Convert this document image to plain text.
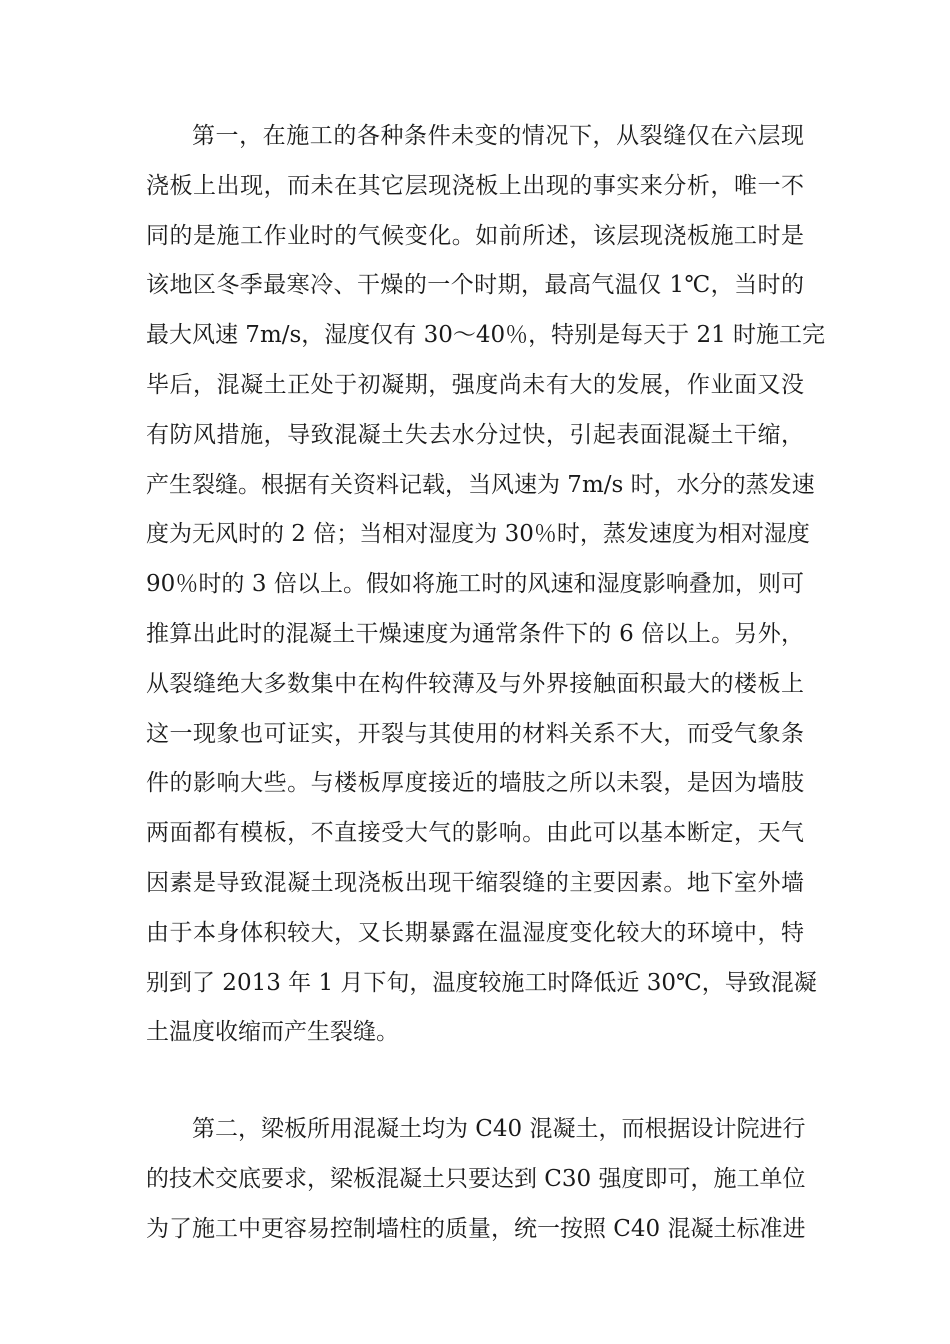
第一，在施工的各种条件未变的情况下，从裂缝仅在六层现
浇板上出现，而未在其它层现浇板上出现的事实来分析，唯一不
同的是施工作业时的气候变化。如前所述，该层现浇板施工时是
该地区冬季最寒冷、干燥的一个时期，最高气温仅 1℃，当时的
最大风速 7m/s，湿度仅有 30～40％，特别是每天于 21 时施工完
毕后，混凝土正处于初凝期，强度尚未有大的发展，作业面又没
有防风措施，导致混凝土失去水分过快，引起表面混凝土干缩，
产生裂缝。根据有关资料记载，当风速为 7m/s 时，水分的蒸发速
度为无风时的 2 倍；当相对湿度为 30％时，蒸发速度为相对湿度
90％时的 3 倍以上。假如将施工时的风速和湿度影响叠加，则可
推算出此时的混凝土干燥速度为通常条件下的 6 倍以上。另外，
从裂缝绝大多数集中在构件较薄及与外界接触面积最大的楼板上
这一现象也可证实，开裂与其使用的材料关系不大，而受气象条
件的影响大些。与楼板厚度接近的墙肢之所以未裂，是因为墙肢
两面都有模板，不直接受大气的影响。由此可以基本断定，天气
因素是导致混凝土现浇板出现干缩裂缝的主要因素。地下室外墙
由于本身体积较大，又长期暴露在温湿度变化较大的环境中，特
别到了 2013 年 1 月下旬，温度较施工时降低近 30℃，导致混凝
土温度收缩而产生裂缝。
第二，梁板所用混凝土均为 C40 混凝土，而根据设计院进行
的技术交底要求，梁板混凝土只要达到 C30 强度即可，施工单位
为了施工中更容易控制墙柱的质量，统一按照 C40 混凝土标准进
